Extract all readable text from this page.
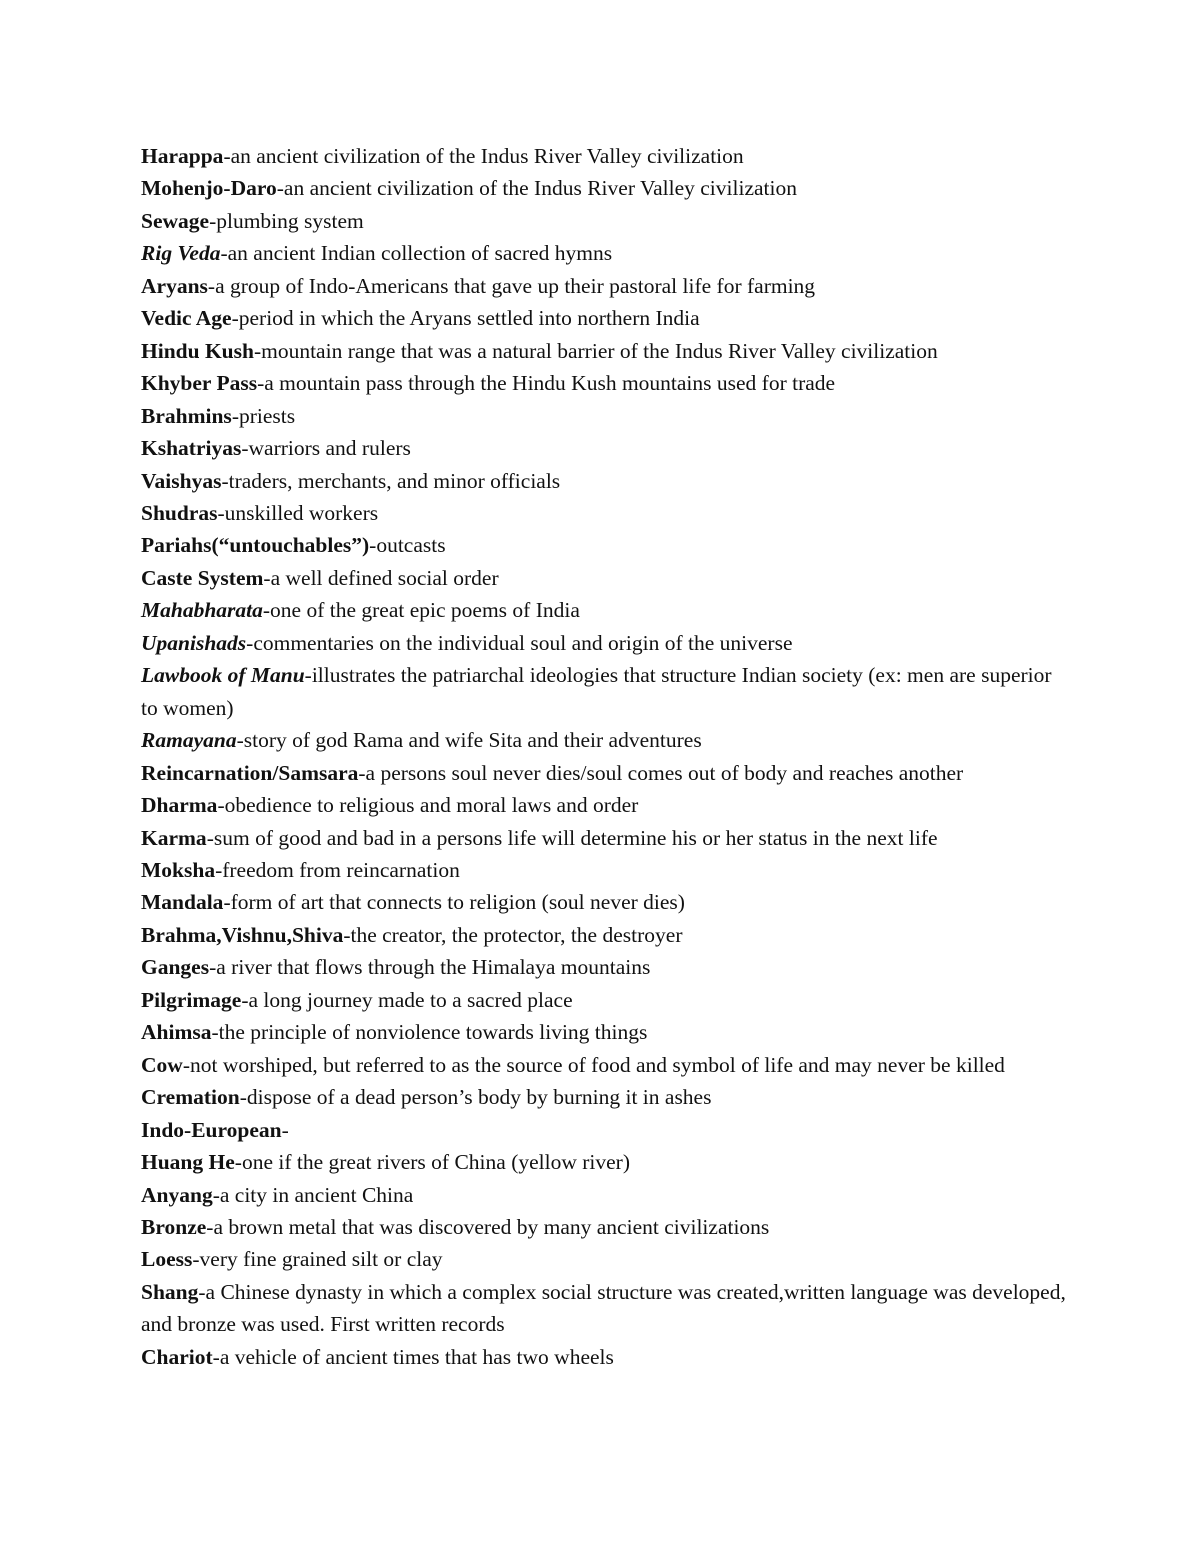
Harappa-an ancient civilization of the Indus River Valley civilization

Mohenjo-Daro-an ancient civilization of the Indus River Valley civilization

Sewage-plumbing system

Rig Veda-an ancient Indian collection of sacred hymns

Aryans-a group of Indo-Americans that gave up their pastoral life for farming

Vedic Age-period in which the Aryans settled into northern India

Hindu Kush-mountain range that was a natural barrier of the Indus River Valley civilization

Khyber Pass-a mountain pass through the Hindu Kush mountains used for trade

Brahmins-priests

Kshatriyas-warriors and rulers

Vaishyas-traders, merchants, and minor officials

Shudras-unskilled workers

Pariahs(“untouchables”)-outcasts

Caste System-a well defined social order

Mahabharata-one of the great epic poems of India

Upanishads-commentaries on the individual soul and origin of the universe

Lawbook of Manu-illustrates the patriarchal ideologies that structure Indian society (ex: men are superior to women)

Ramayana-story of god Rama and wife Sita and their adventures

Reincarnation/Samsara-a persons soul never dies/soul comes out of body and reaches another

Dharma-obedience to religious and moral laws and order

Karma-sum of good and bad in a persons life will determine his or her status in the next life

Moksha-freedom from reincarnation

Mandala-form of art that connects to religion (soul never dies)

Brahma,Vishnu,Shiva-the creator, the protector, the destroyer

Ganges-a river that flows through the Himalaya mountains

Pilgrimage-a long journey made to a sacred place

Ahimsa-the principle of nonviolence towards living things

Cow-not worshiped, but referred to as the source of food and symbol of life and may never be killed

Cremation-dispose of a dead person’s body by burning it in ashes

Indo-European-

Huang He-one if the great rivers of China (yellow river)

Anyang-a city in ancient China

Bronze-a brown metal that was discovered by many ancient civilizations

Loess-very fine grained silt or clay

Shang-a Chinese dynasty in which a complex social structure was created,written language was developed, and bronze was used. First written records

Chariot-a vehicle of ancient times that has two wheels
